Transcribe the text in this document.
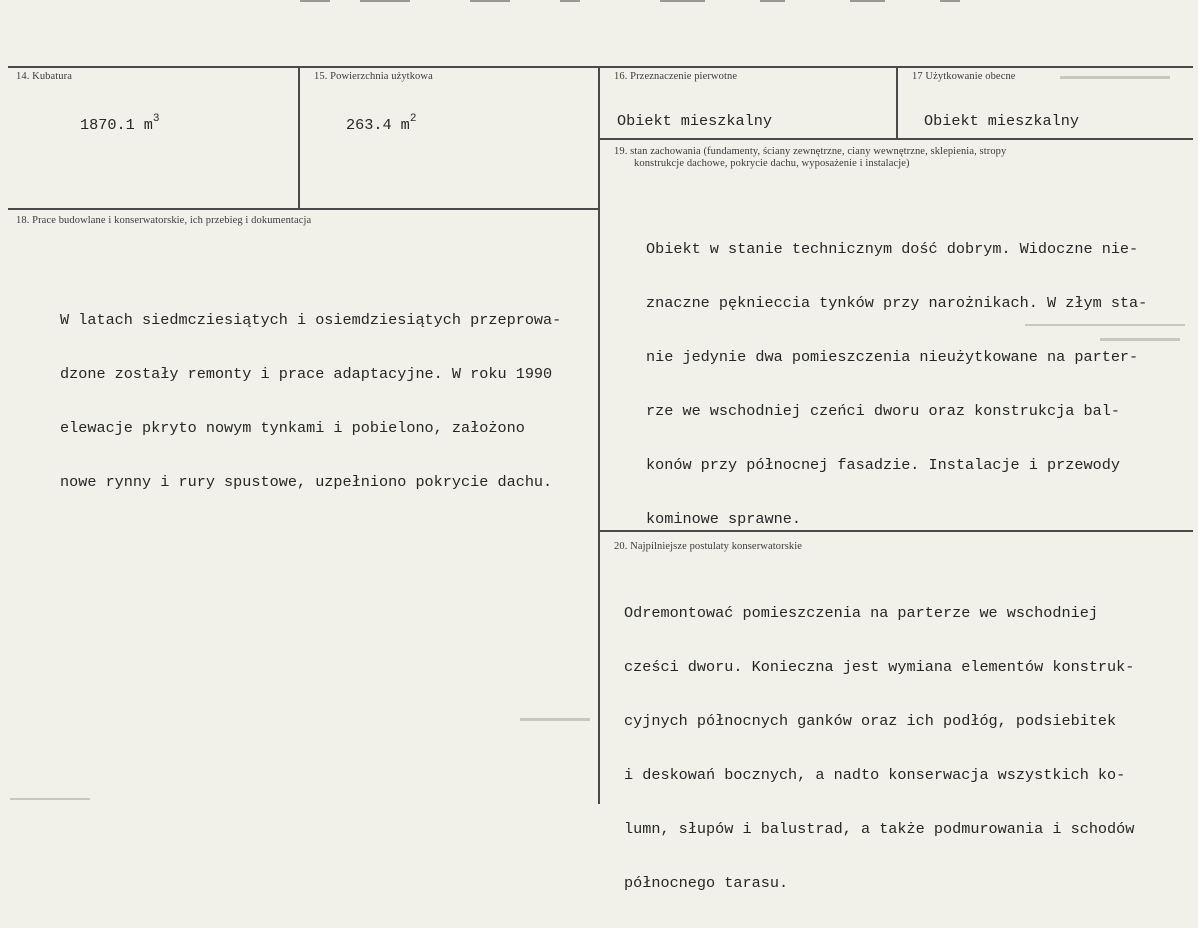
14. Kubatura
1870.1 $m^3$
15. Powierzchnia użytkowa
263.4 $m^2$
16. Przeznaczenie pierwotne
Obiekt mieszkalny
17 Użytkowanie obecne
Obiekt mieszkalny
18. Prace budowlane i konserwatorskie, ich przebieg i dokumentacja

W latach siedmcziesiątych i osiemdziesiątych przeprowa-

dzone zostały remonty i prace adaptacyjne. W roku 1990

elewacje pkryto nowym tynkami i pobielono, założono

nowe rynny i rury spustowe, uzpełniono pokrycie dachu.

19. stan zachowania (fundamenty, ściany zewnętrzne, ciany wewnętrzne, sklepienia, stropy
konstrukcje dachowe, pokrycie dachu, wyposażenie i instalacje)

Obiekt w stanie technicznym dość dobrym. Widoczne nie-

znaczne pęknieccia tynków przy narożnikach. W złym sta-

nie jedynie dwa pomieszczenia nieużytkowane na parter-

rze we wschodniej czeńci dworu oraz konstrukcja bal-

konów przy północnej fasadzie. Instalacje i przewody

kominowe sprawne.

20. Najpilniejsze postulaty konserwatorskie

Odremontować pomieszczenia na parterze we wschodniej

cześci dworu. Konieczna jest wymiana elementów konstruk-

cyjnych północnych ganków oraz ich podłóg, podsiebitek

i deskowań bocznych, a nadto konserwacja wszystkich ko-

lumn, słupów i balustrad, a także podmurowania i schodów

północnego tarasu.
